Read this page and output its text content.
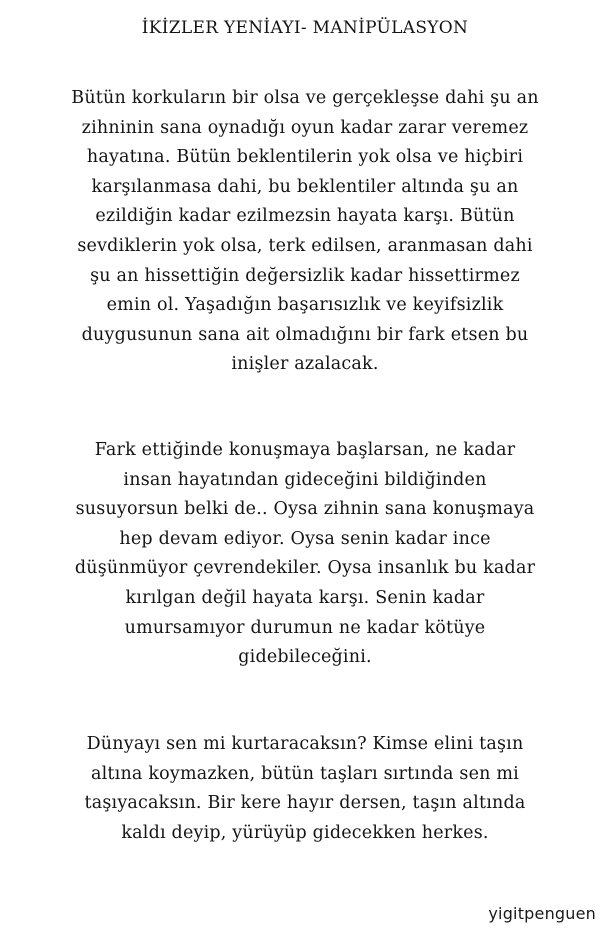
İKİZLER YENİAYI- MANİPÜLASYON

Bütün korkuların bir olsa ve gerçekleşse dahi şu an
zihninin sana oynadığı oyun kadar zarar veremez
hayatına. Bütün beklentilerin yok olsa ve hiçbiri
karşılanmasa dahi, bu beklentiler altında şu an
ezildiğin kadar ezilmezsin hayata karşı. Bütün
sevdiklerin yok olsa, terk edilsen, aranmasan dahi
şu an hissettiğin değersizlik kadar hissettirmez
emin ol. Yaşadığın başarısızlık ve keyifsizlik
duygusunun sana ait olmadığını bir fark etsen bu
inişler azalacak.

Fark ettiğinde konuşmaya başlarsan, ne kadar
insan hayatından gideceğini bildiğinden
susuyorsun belki de.. Oysa zihnin sana konuşmaya
hep devam ediyor. Oysa senin kadar ince
düşünmüyor çevrendekiler. Oysa insanlık bu kadar
kırılgan değil hayata karşı. Senin kadar
umursamıyor durumun ne kadar kötüye
gidebileceğini.

Dünyayı sen mi kurtaracaksın? Kimse elini taşın
altına koymazken, bütün taşları sırtında sen mi
taşıyacaksın. Bir kere hayır dersen, taşın altında
kaldı deyip, yürüyüp gidecekken herkes.

yigitpenguen
